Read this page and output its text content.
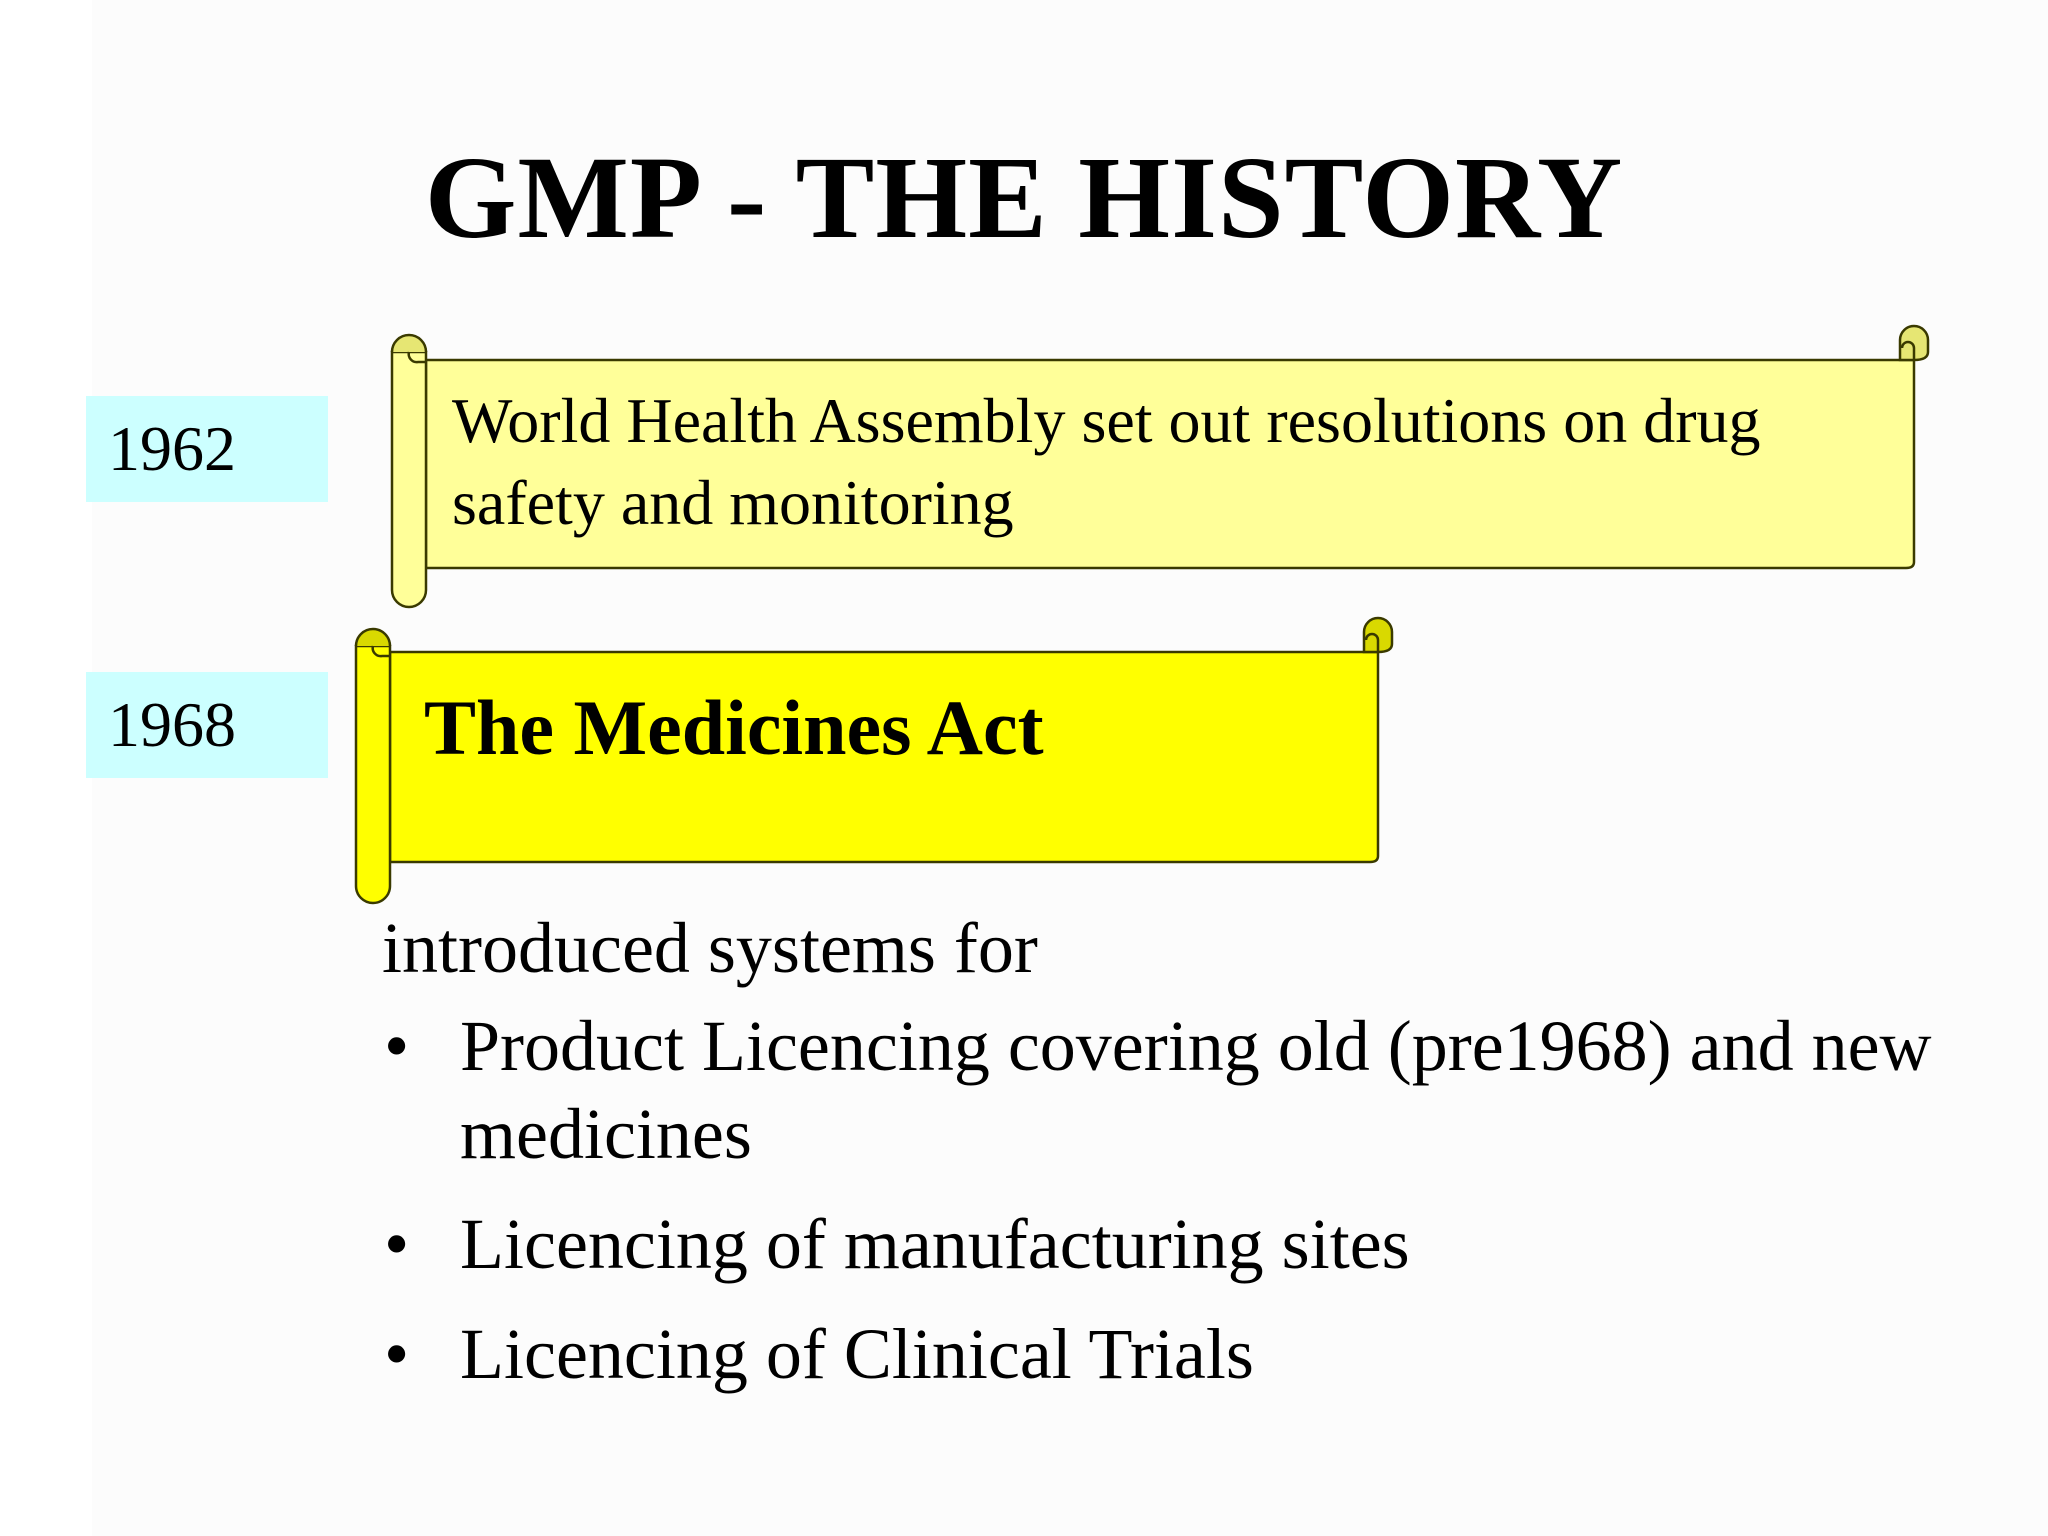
GMP - THE HISTORY
1962	World Health Assembly set out resolutions on drug safety and monitoring
1968	The Medicines Act
introduced systems for
• Product Licencing covering old (pre1968) and new medicines
• Licencing of manufacturing sites
• Licencing of Clinical Trials
